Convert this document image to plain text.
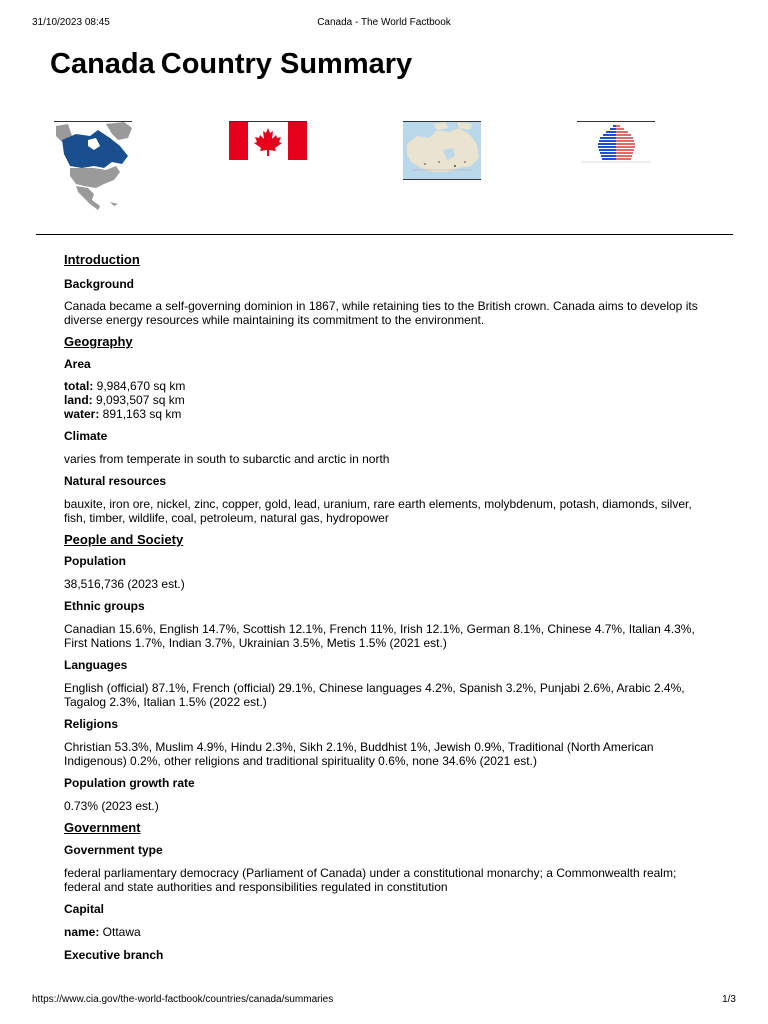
31/10/2023 08:45	Canada - The World Factbook
Canada Country Summary
Introduction
Background

Canada became a self-governing dominion in 1867, while retaining ties to the British crown. Canada aims to develop its diverse energy resources while maintaining its commitment to the environment.

Geography
Area

total: 9,984,670 sq km
land: 9,093,507 sq km
water: 891,163 sq km

Climate

varies from temperate in south to subarctic and arctic in north

Natural resources

bauxite, iron ore, nickel, zinc, copper, gold, lead, uranium, rare earth elements, molybdenum, potash, diamonds, silver, fish, timber, wildlife, coal, petroleum, natural gas, hydropower

People and Society
Population

38,516,736 (2023 est.)

Ethnic groups

Canadian 15.6%, English 14.7%, Scottish 12.1%, French 11%, Irish 12.1%, German 8.1%, Chinese 4.7%, Italian 4.3%, First Nations 1.7%, Indian 3.7%, Ukrainian 3.5%, Metis 1.5% (2021 est.)

Languages

English (official) 87.1%, French (official) 29.1%, Chinese languages 4.2%, Spanish 3.2%, Punjabi 2.6%, Arabic 2.4%, Tagalog 2.3%, Italian 1.5% (2022 est.)

Religions

Christian 53.3%, Muslim 4.9%, Hindu 2.3%, Sikh 2.1%, Buddhist 1%, Jewish 0.9%, Traditional (North American Indigenous) 0.2%, other religions and traditional spirituality 0.6%, none 34.6% (2021 est.)

Population growth rate

0.73% (2023 est.)

Government
Government type

federal parliamentary democracy (Parliament of Canada) under a constitutional monarchy; a Commonwealth realm; federal and state authorities and responsibilities regulated in constitution

Capital

name: Ottawa

Executive branch
https://www.cia.gov/the-world-factbook/countries/canada/summaries	1/3
